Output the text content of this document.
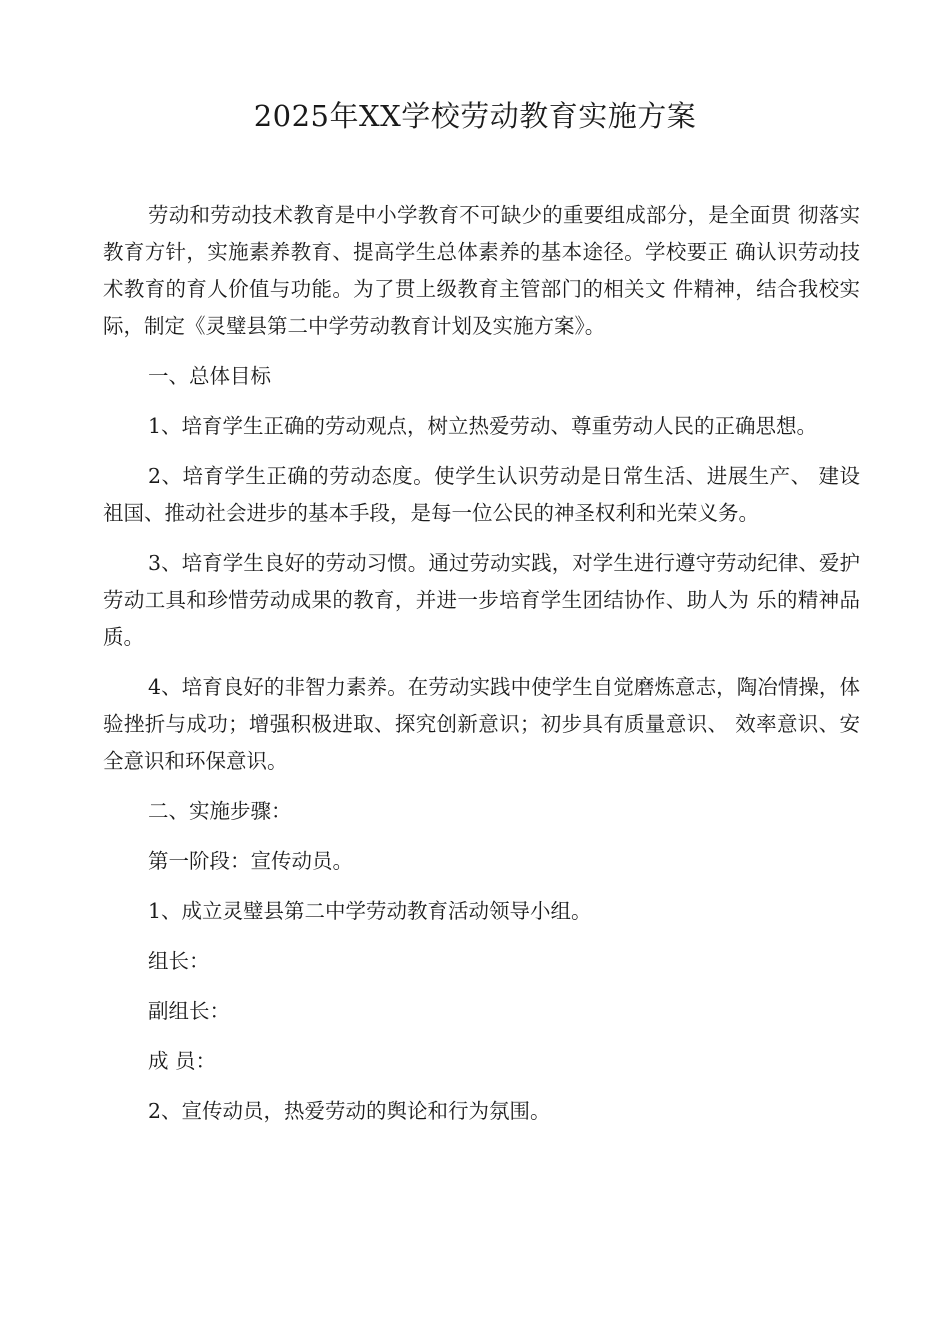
2025年XX学校劳动教育实施方案

劳动和劳动技术教育是中小学教育不可缺少的重要组成部分，是全面贯 彻落实教育方针，实施素养教育、提高学生总体素养的基本途径。学校要正 确认识劳动技术教育的育人价值与功能。为了贯上级教育主管部门的相关文 件精神，结合我校实际，制定《灵璧县第二中学劳动教育计划及实施方案》。

一、总体目标

1、培育学生正确的劳动观点，树立热爱劳动、尊重劳动人民的正确思想。

2、培育学生正确的劳动态度。使学生认识劳动是日常生活、进展生产、 建设祖国、推动社会进步的基本手段，是每一位公民的神圣权利和光荣义务。

3、培育学生良好的劳动习惯。通过劳动实践，对学生进行遵守劳动纪律、爱护劳动工具和珍惜劳动成果的教育，并进一步培育学生团结协作、助人为 乐的精神品质。

4、培育良好的非智力素养。在劳动实践中使学生自觉磨炼意志，陶冶情操，体验挫折与成功；增强积极进取、探究创新意识；初步具有质量意识、 效率意识、安全意识和环保意识。

二、实施步骤：

第一阶段：宣传动员。

1、成立灵璧县第二中学劳动教育活动领导小组。

组长：

副组长：

成 员：

2、宣传动员，热爱劳动的舆论和行为氛围。
